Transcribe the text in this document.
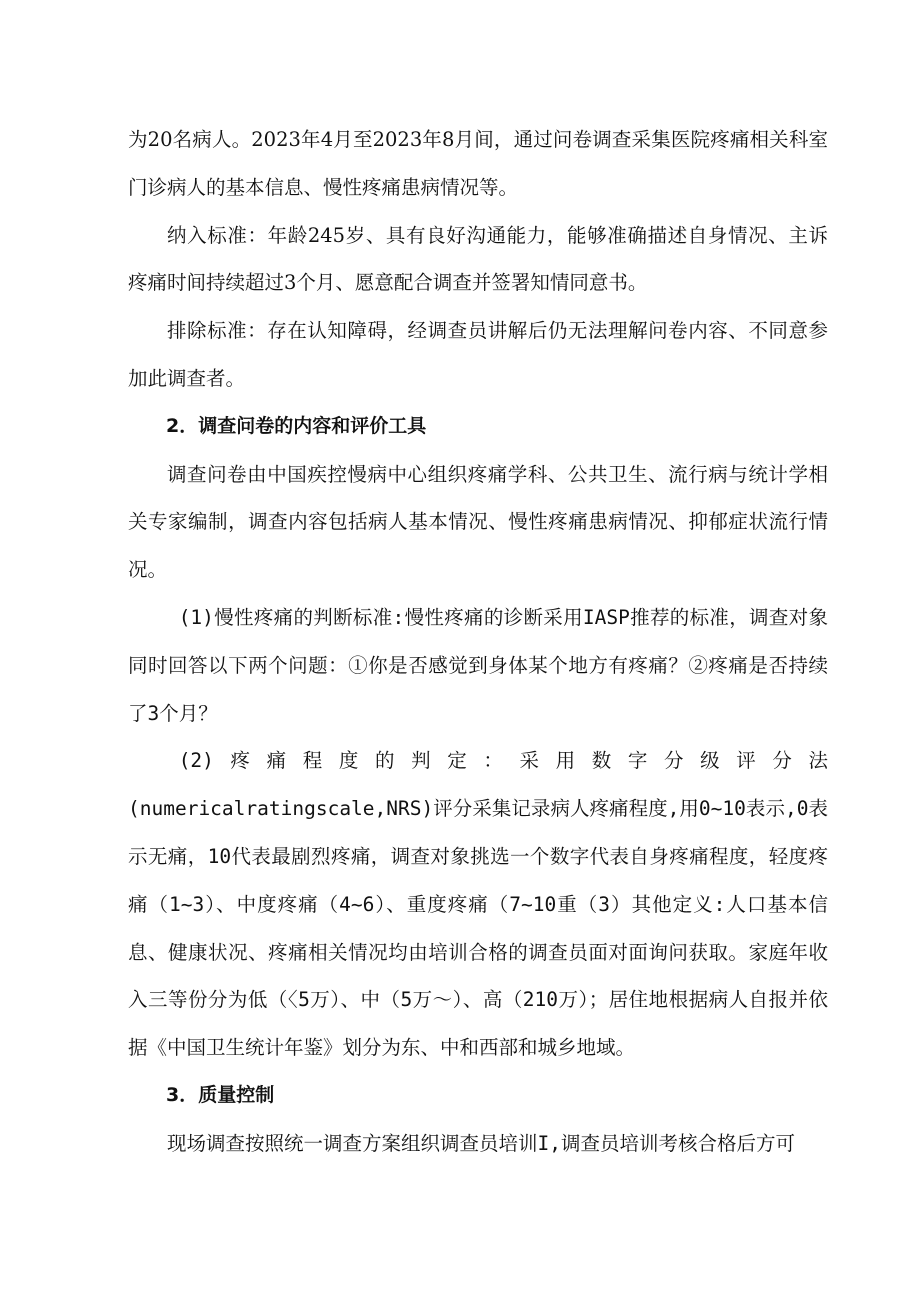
为20名病人。2023年4月至2023年8月间，通过问卷调查采集医院疼痛相关科室门诊病人的基本信息、慢性疼痛患病情况等。

纳入标准：年龄245岁、具有良好沟通能力，能够准确描述自身情况、主诉疼痛时间持续超过3个月、愿意配合调查并签署知情同意书。

排除标准：存在认知障碍，经调查员讲解后仍无法理解问卷内容、不同意参加此调查者。

2．调查问卷的内容和评价工具

调查问卷由中国疾控慢病中心组织疼痛学科、公共卫生、流行病与统计学相关专家编制，调查内容包括病人基本情况、慢性疼痛患病情况、抑郁症状流行情况。

(1)慢性疼痛的判断标准:慢性疼痛的诊断采用IASP推荐的标准，调查对象同时回答以下两个问题：①你是否感觉到身体某个地方有疼痛？②疼痛是否持续了3个月？

(2)疼痛程度的判定：采用数字分级评分法(numericalratingscale,NRS)评分采集记录病人疼痛程度,用0~10表示,0表示无痛，10代表最剧烈疼痛，调查对象挑选一个数字代表自身疼痛程度，轻度疼痛（1~3）、中度疼痛（4~6）、重度疼痛（7~10重（3）其他定义:人口基本信息、健康状况、疼痛相关情况均由培训合格的调查员面对面询问获取。家庭年收入三等份分为低（〈5万）、中（5万〜）、高（210万）；居住地根据病人自报并依据《中国卫生统计年鉴》划分为东、中和西部和城乡地域。

3．质量控制

现场调查按照统一调查方案组织调查员培训I,调查员培训考核合格后方可
